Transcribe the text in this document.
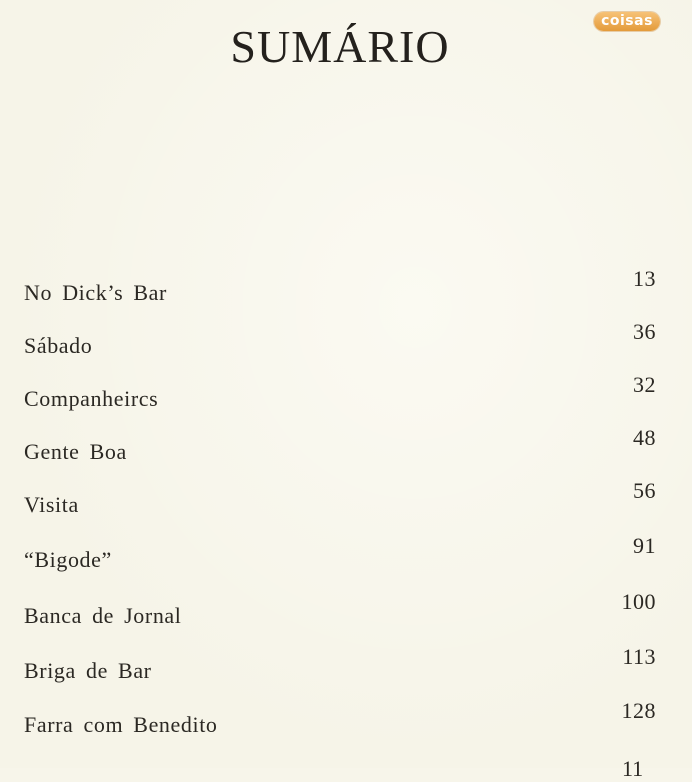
SUMÁRIO	coisas
No Dick’s Bar
13
Sábado
36
Companheircs
32
Gente Boa
48
Visita
56
“Bigode”
91
Banca de Jornal
100
Briga de Bar
113
Farra com Benedito
128
11
